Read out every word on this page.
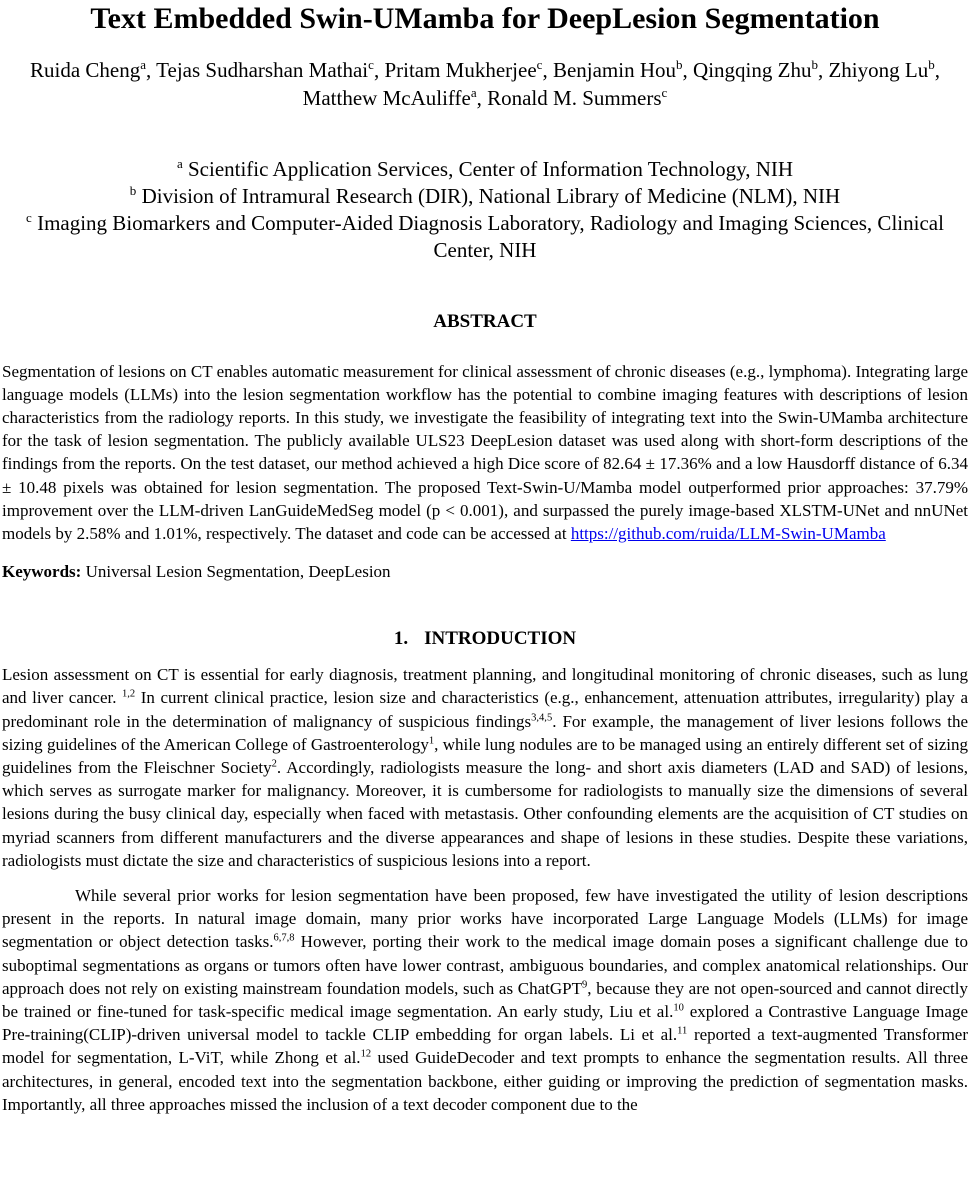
Text Embedded Swin-UMamba for DeepLesion Segmentation
Ruida Cheng$^a$, Tejas Sudharshan Mathai$^c$, Pritam Mukherjee$^c$, Benjamin Hou$^b$, Qingqing Zhu$^b$, Zhiyong Lu$^b$, Matthew McAuliffe$^a$, Ronald M. Summers$^c$
$^a$ Scientific Application Services, Center of Information Technology, NIH
$^b$ Division of Intramural Research (DIR), National Library of Medicine (NLM), NIH
$^c$ Imaging Biomarkers and Computer-Aided Diagnosis Laboratory, Radiology and Imaging Sciences, Clinical Center, NIH
ABSTRACT

Segmentation of lesions on CT enables automatic measurement for clinical assessment of chronic diseases (e.g., lymphoma). Integrating large language models (LLMs) into the lesion segmentation workflow has the potential to combine imaging features with descriptions of lesion characteristics from the radiology reports. In this study, we investigate the feasibility of integrating text into the Swin-UMamba architecture for the task of lesion segmentation. The publicly available ULS23 DeepLesion dataset was used along with short-form descriptions of the findings from the reports. On the test dataset, our method achieved a high Dice score of 82.64 ± 17.36% and a low Hausdorff distance of 6.34 ± 10.48 pixels was obtained for lesion segmentation. The proposed Text-Swin-U/Mamba model outperformed prior approaches: 37.79% improvement over the LLM-driven LanGuideMedSeg model (p < 0.001), and surpassed the purely image-based XLSTM-UNet and nnUNet models by 2.58% and 1.01%, respectively. The dataset and code can be accessed at https://github.com/ruida/LLM-Swin-UMamba

Keywords: Universal Lesion Segmentation, DeepLesion

1. INTRODUCTION

Lesion assessment on CT is essential for early diagnosis, treatment planning, and longitudinal monitoring of chronic diseases, such as lung and liver cancer. $^{1,2}$ In current clinical practice, lesion size and characteristics (e.g., enhancement, attenuation attributes, irregularity) play a predominant role in the determination of malignancy of suspicious findings$^{3,4,5}$. For example, the management of liver lesions follows the sizing guidelines of the American College of Gastroenterology$^1$, while lung nodules are to be managed using an entirely different set of sizing guidelines from the Fleischner Society$^2$. Accordingly, radiologists measure the long- and short axis diameters (LAD and SAD) of lesions, which serves as surrogate marker for malignancy. Moreover, it is cumbersome for radiologists to manually size the dimensions of several lesions during the busy clinical day, especially when faced with metastasis. Other confounding elements are the acquisition of CT studies on myriad scanners from different manufacturers and the diverse appearances and shape of lesions in these studies. Despite these variations, radiologists must dictate the size and characteristics of suspicious lesions into a report.

While several prior works for lesion segmentation have been proposed, few have investigated the utility of lesion descriptions present in the reports. In natural image domain, many prior works have incorporated Large Language Models (LLMs) for image segmentation or object detection tasks.$^{6,7,8}$ However, porting their work to the medical image domain poses a significant challenge due to suboptimal segmentations as organs or tumors often have lower contrast, ambiguous boundaries, and complex anatomical relationships. Our approach does not rely on existing mainstream foundation models, such as ChatGPT$^9$, because they are not open-sourced and cannot directly be trained or fine-tuned for task-specific medical image segmentation. An early study, Liu et al.$^{10}$ explored a Contrastive Language Image Pre-training(CLIP)-driven universal model to tackle CLIP embedding for organ labels. Li et al.$^{11}$ reported a text-augmented Transformer model for segmentation, L-ViT, while Zhong et al.$^{12}$ used GuideDecoder and text prompts to enhance the segmentation results. All three architectures, in general, encoded text into the segmentation backbone, either guiding or improving the prediction of segmentation masks. Importantly, all three approaches missed the inclusion of a text decoder component due to the
